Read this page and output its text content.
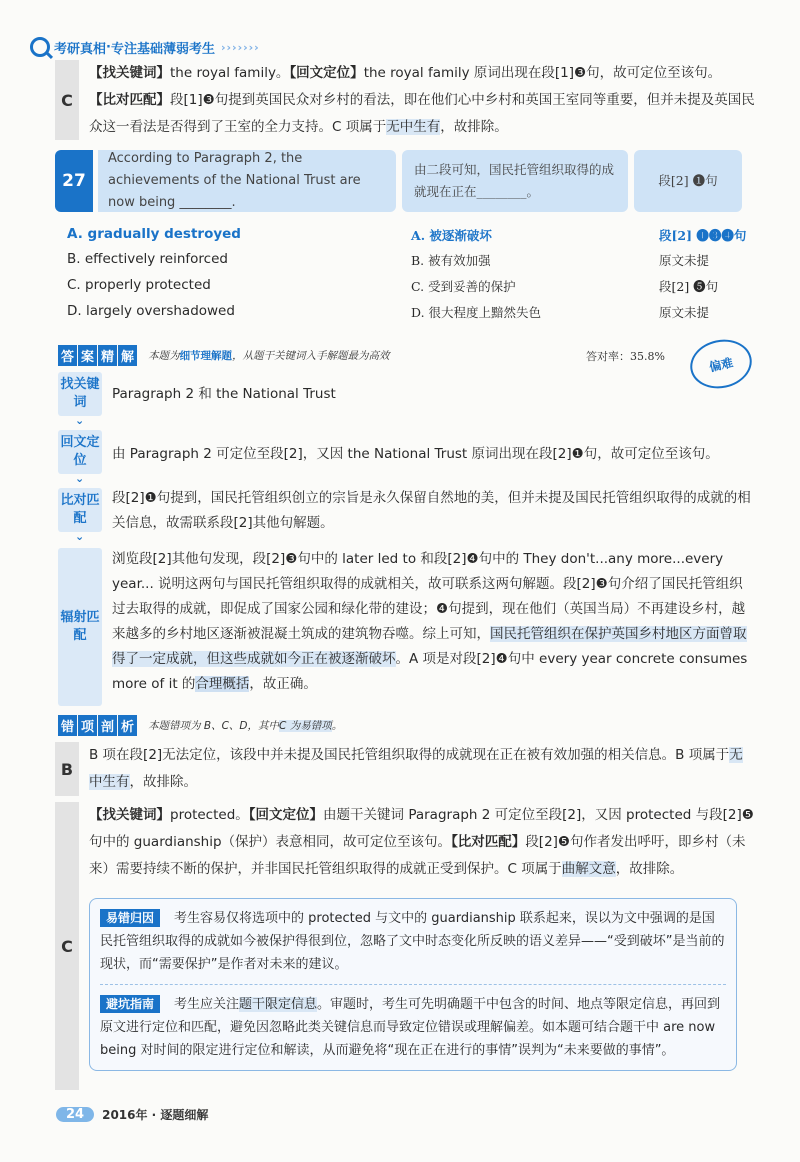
考研真相 · 专注基础薄弱考生 ›››››››
C
【找关键词】the royal family。【回文定位】the royal family 原词出现在段[1]❸句，故可定位至该句。
【比对匹配】段[1]❸句提到英国民众对乡村的看法，即在他们心中乡村和英国王室同等重要，但并未提及英国民众这一看法是否得到了王室的全力支持。C 项属于无中生有，故排除。
27
According to Paragraph 2, the achievements of the National Trust are now being ________.
由二段可知，国民托管组织取得的成就现在正在________。
段[2] ❶句
A. gradually destroyed	A. 被逐渐破坏	段[2] ❶❸❹句
B. effectively reinforced	B. 被有效加强	原文未提
C. properly protected	C. 受到妥善的保护	段[2] ❺句
D. largely overshadowed	D. 很大程度上黯然失色	原文未提
答 案 精 解 本题为细节理解题，从题干关键词入手解题最为高效	答对率：35.8%	偏难
找关键词 ⌄
Paragraph 2 和 the National Trust
回文定位 ⌄	由 Paragraph 2 可定位至段[2]，又因 the National Trust 原词出现在段[2]❶句，故可定位至该句。
比对匹配 ⌄
段[2]❶句提到，国民托管组织创立的宗旨是永久保留自然地的美，但并未提及国民托管组织取得的成就的相关信息，故需联系段[2]其他句解题。
辐射匹配
浏览段[2]其他句发现，段[2]❸句中的 later led to 和段[2]❹句中的 They don't...any more...every year... 说明这两句与国民托管组织取得的成就相关，故可联系这两句解题。段[2]❸句介绍了国民托管组织过去取得的成就，即促成了国家公园和绿化带的建设；❹句提到，现在他们（英国当局）不再建设乡村，越来越多的乡村地区逐渐被混凝土筑成的建筑物吞噬。综上可知，国民托管组织在保护英国乡村地区方面曾取得了一定成就，但这些成就如今正在被逐渐破坏。A 项是对段[2]❹句中 every year concrete consumes more of it 的合理概括，故正确。
错 项 剖 析 本题错项为 B、C、D，其中C 为易错项。
B
B 项在段[2]无法定位，该段中并未提及国民托管组织取得的成就现在正在被有效加强的相关信息。B 项属于无中生有，故排除。
C
【找关键词】protected。【回文定位】由题干关键词 Paragraph 2 可定位至段[2]，又因 protected 与段[2]❺句中的 guardianship（保护）表意相同，故可定位至该句。【比对匹配】段[2]❺句作者发出呼吁，即乡村（未来）需要持续不断的保护，并非国民托管组织取得的成就正受到保护。C 项属于曲解文意，故排除。
易错归因 考生容易仅将选项中的 protected 与文中的 guardianship 联系起来，误以为文中强调的是国民托管组织取得的成就如今被保护得很到位，忽略了文中时态变化所反映的语义差异——“受到破坏”是当前的现状，而“需要保护”是作者对未来的建议。
避坑指南 考生应关注题干限定信息。审题时，考生可先明确题干中包含的时间、地点等限定信息，再回到原文进行定位和匹配，避免因忽略此类关键信息而导致定位错误或理解偏差。如本题可结合题干中 are now being 对时间的限定进行定位和解读，从而避免将“现在正在进行的事情”误判为“未来要做的事情”。
24	2016年 · 逐题细解
